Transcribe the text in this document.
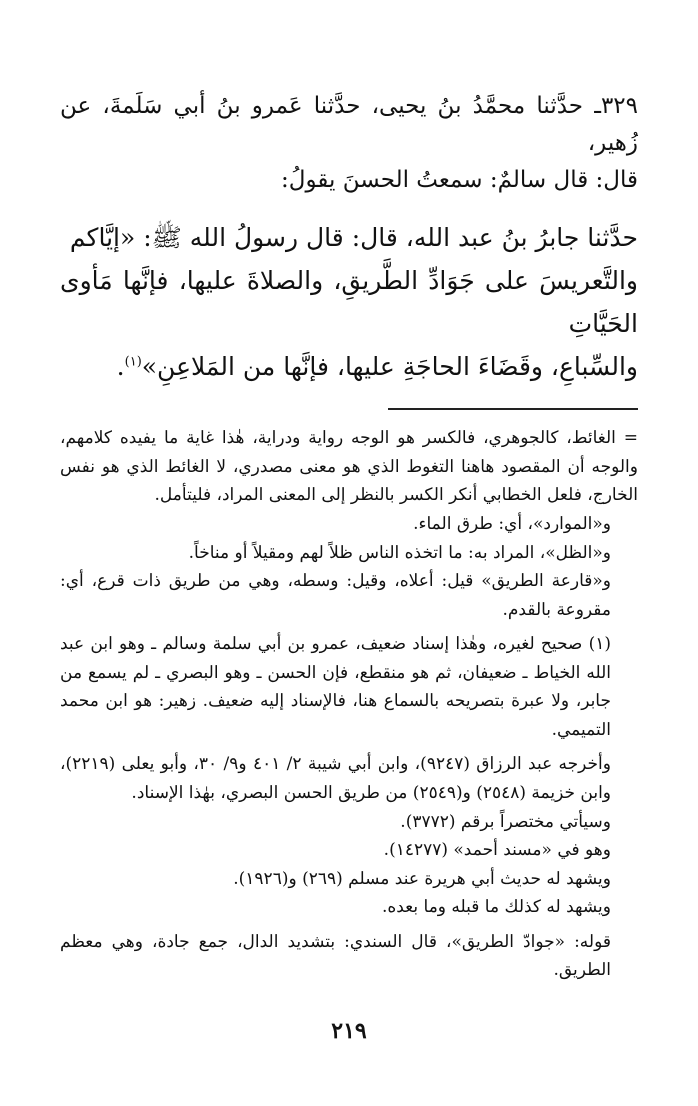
٣٢٩ـ حدَّثنا محمَّدُ بنُ يحيى، حدَّثنا عَمرو بنُ أبي سَلَمةَ، عن زُهير،

قال: قال سالمٌ: سمعتُ الحسنَ يقولُ:

حدَّثنا جابرُ بنُ عبد الله، قال: قال رسولُ الله ﷺ: «إيَّاكم

والتَّعريسَ على جَوَادِّ الطَّريقِ، والصلاةَ عليها، فإنَّها مَأوى الحَيَّاتِ

والسِّباعِ، وقَضَاءَ الحاجَةِ عليها، فإنَّها من المَلاعِنِ»$^{(١)}$.

= الغائط، كالجوهري، فالكسر هو الوجه رواية ودراية، هٰذا غاية ما يفيده كلامهم، والوجه أن المقصود هاهنا التغوط الذي هو معنى مصدري، لا الغائط الذي هو نفس الخارج، فلعل الخطابي أنكر الكسر بالنظر إلى المعنى المراد، فليتأمل.

و«الموارد»، أي: طرق الماء.

و«الظل»، المراد به: ما اتخذه الناس ظلاً لهم ومقيلاً أو مناخاً.

و«قارعة الطريق» قيل: أعلاه، وقيل: وسطه، وهي من طريق ذات قرع، أي: مقروعة بالقدم.

(١) صحيح لغيره، وهٰذا إسناد ضعيف، عمرو بن أبي سلمة وسالم ـ وهو ابن عبد الله الخياط ـ ضعيفان، ثم هو منقطع، فإن الحسن ـ وهو البصري ـ لم يسمع من جابر، ولا عبرة بتصريحه بالسماع هنا، فالإسناد إليه ضعيف. زهير: هو ابن محمد التميمي.

وأخرجه عبد الرزاق (٩٢٤٧)، وابن أبي شيبة ٢/ ٤٠١ و٩/ ٣٠، وأبو يعلى (٢٢١٩)، وابن خزيمة (٢٥٤٨) و(٢٥٤٩) من طريق الحسن البصري، بهٰذا الإسناد.

وسيأتي مختصراً برقم (٣٧٧٢).

وهو في «مسند أحمد» (١٤٢٧٧).

ويشهد له حديث أبي هريرة عند مسلم (٢٦٩) و(١٩٢٦).

ويشهد له كذلك ما قبله وما بعده.

قوله: «جوادّ الطريق»، قال السندي: بتشديد الدال، جمع جادة، وهي معظم الطريق.

٢١٩
